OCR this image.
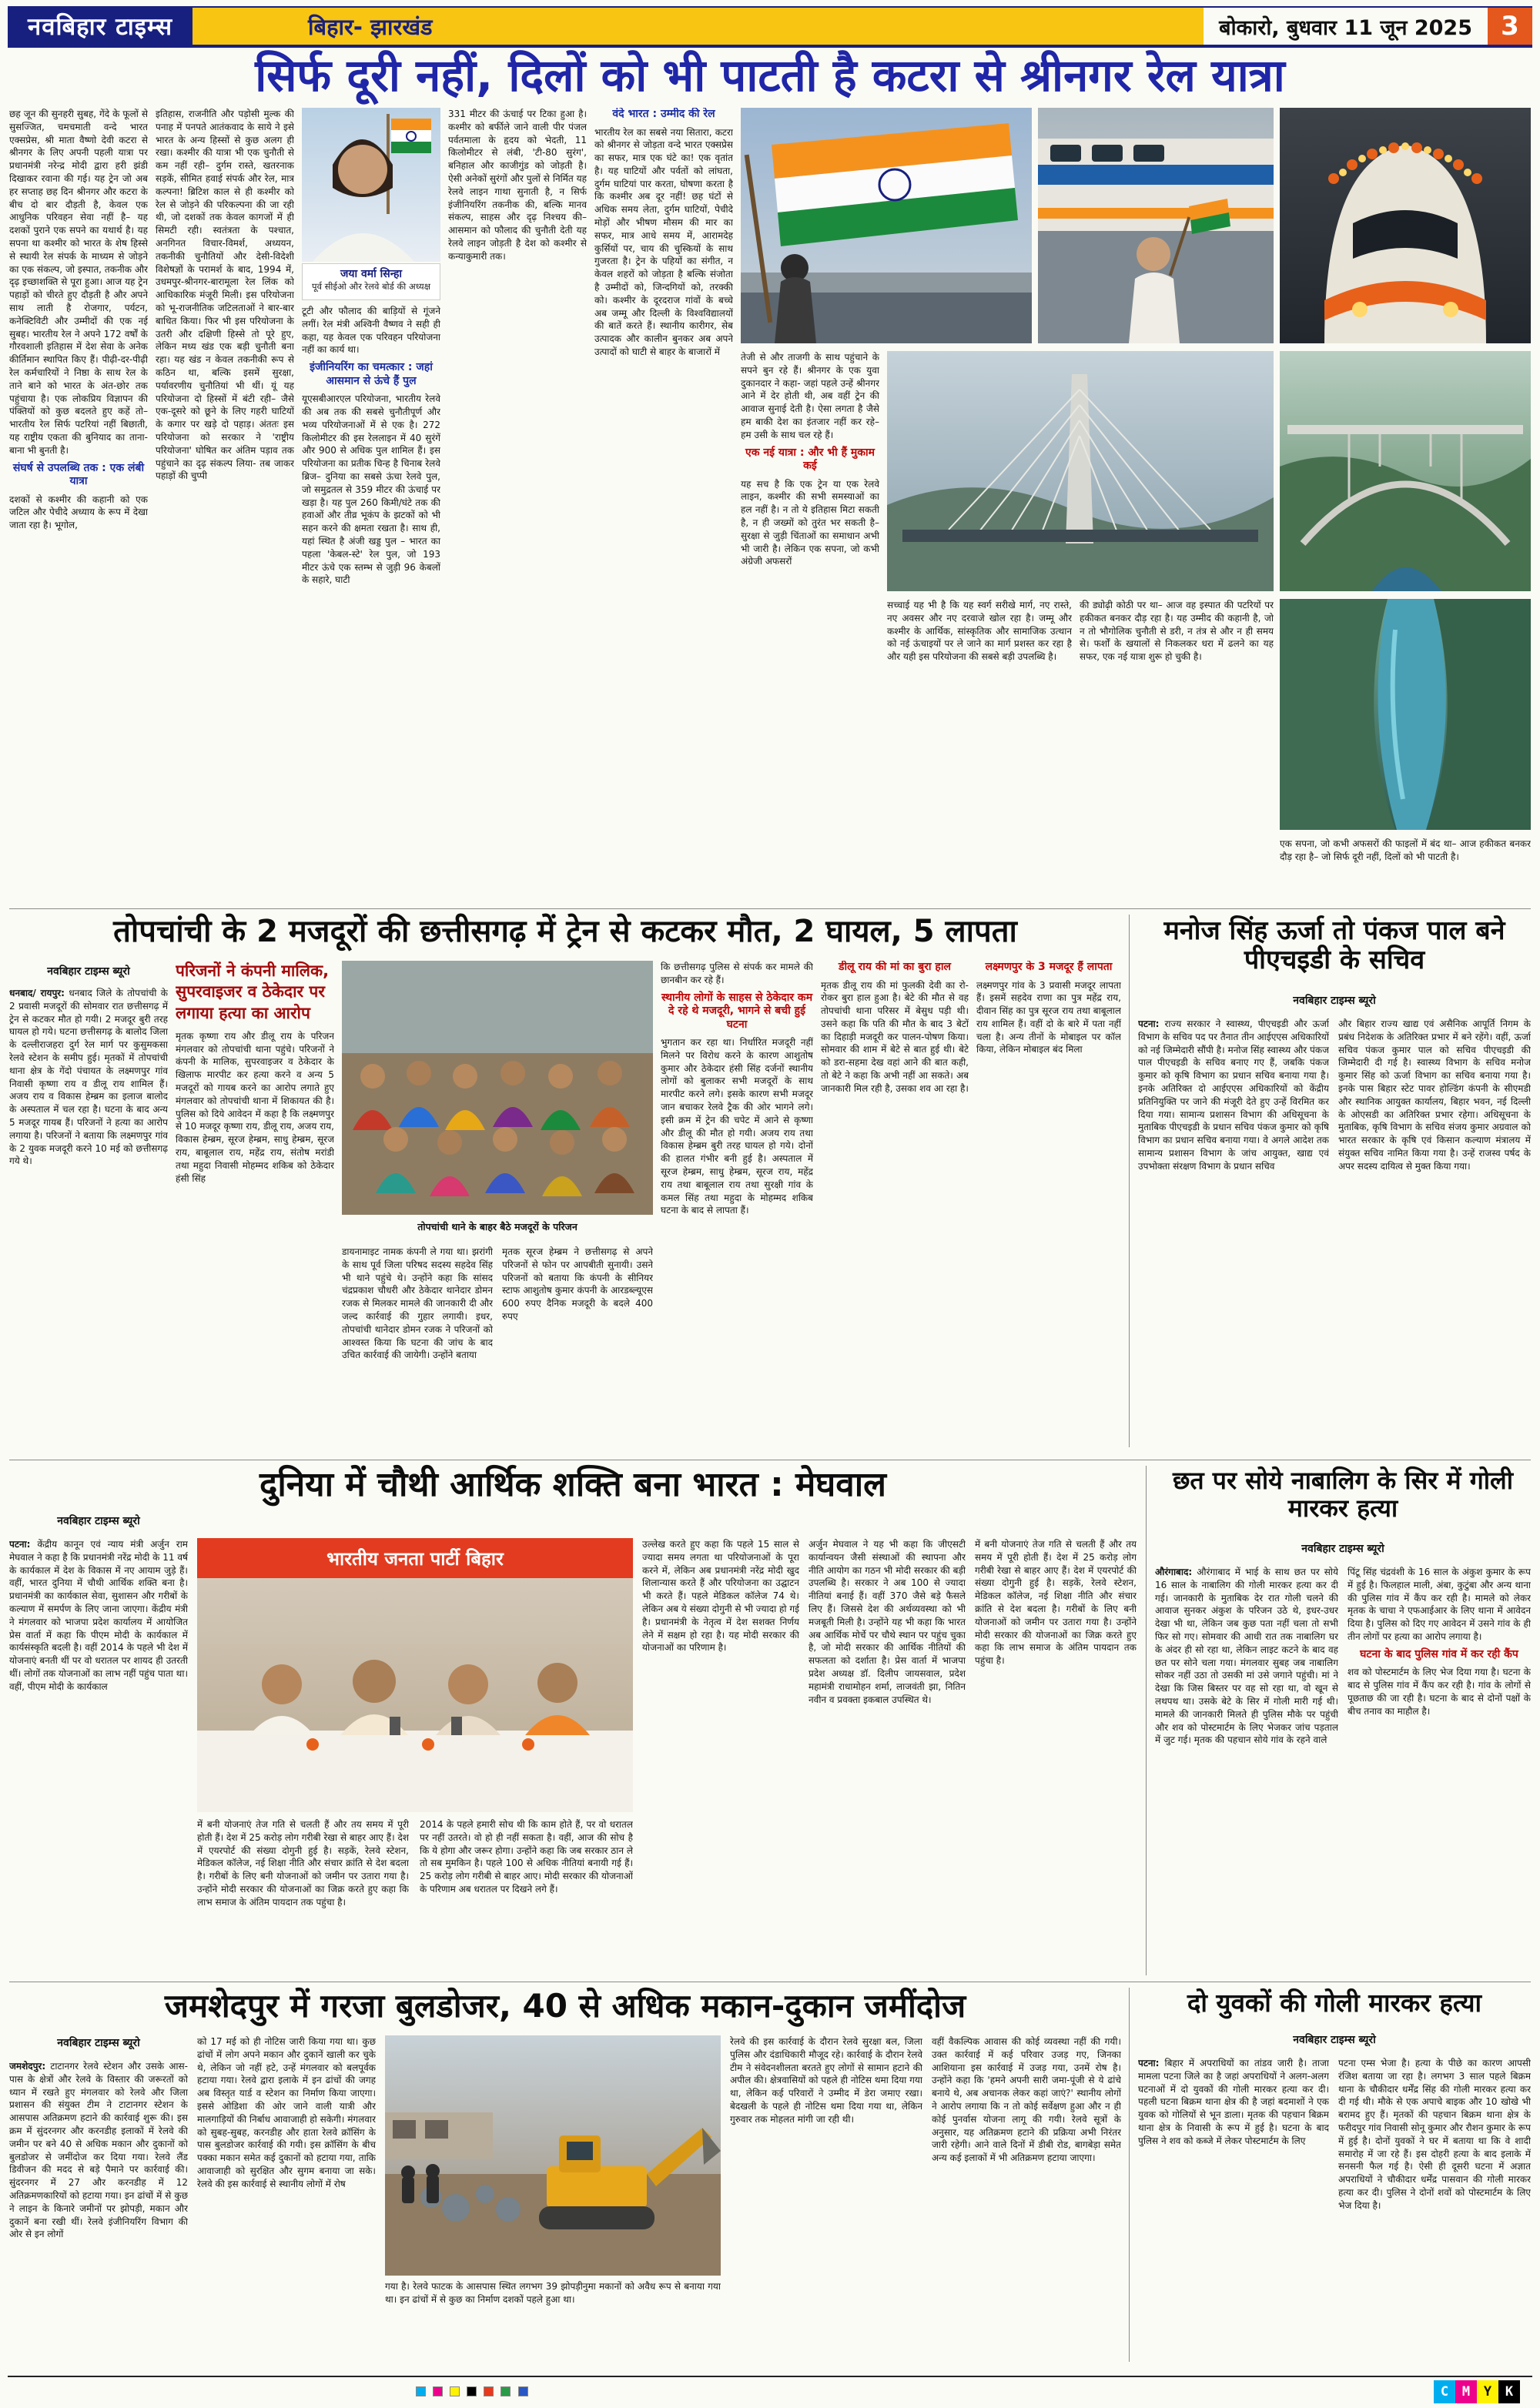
नवबिहार टाइम्स	बिहार- झारखंड	बोकारो, बुधवार 11 जून 2025	3
सिर्फ दूरी नहीं, दिलों को भी पाटती है कटरा से श्रीनगर रेल यात्रा
छह जून की सुनहरी सुबह, गेंदे के फूलों से सुसज्जित, चमचमाती वन्दे भारत एक्सप्रेस, श्री माता वैष्णो देवी कटरा से श्रीनगर के लिए अपनी पहली यात्रा पर प्रधानमंत्री नरेन्द्र मोदी द्वारा हरी झंडी दिखाकर रवाना की गई। यह ट्रेन जो अब हर सप्ताह छह दिन श्रीनगर और कटरा के बीच दो बार दौड़ती है, केवल एक आधुनिक परिवहन सेवा नहीं है– यह दशकों पुराने एक सपने का यथार्थ है। यह सपना था कश्मीर को भारत के शेष हिस्से से स्थायी रेल संपर्क के माध्यम से जोड़ने का एक संकल्प, जो इस्पात, तकनीक और दृढ़ इच्छाशक्ति से पूरा हुआ। आज यह ट्रेन पहाड़ों को चीरते हुए दौड़ती है और अपने साथ लाती है रोजगार, पर्यटन, कनेक्टिविटी और उम्मीदों की एक नई सुबह। भारतीय रेल ने अपने 172 वर्षों के गौरवशाली इतिहास में देश सेवा के अनेक कीर्तिमान स्थापित किए हैं। पीढ़ी-दर-पीढ़ी रेल कर्मचारियों ने निष्ठा के साथ रेल के ताने बाने को भारत के अंत-छोर तक पहुंचाया है। एक लोकप्रिय विज्ञापन की पंक्तियों को कुछ बदलते हुए कहें तो–भारतीय रेल सिर्फ पटरियां नहीं बिछाती, यह राष्ट्रीय एकता की बुनियाद का ताना-बाना भी बुनती है।
संघर्ष से उपलब्धि तक : एक लंबी यात्रा
दशकों से कश्मीर की कहानी को एक जटिल और पेचीदे अध्याय के रूप में देखा जाता रहा है। भूगोल,
इतिहास, राजनीति और पड़ोसी मुल्क की पनाह में पनपते आतंकवाद के साये ने इसे भारत के अन्य हिस्सों से कुछ अलग ही रखा। कश्मीर की यात्रा भी एक चुनौती से कम नहीं रही– दुर्गम रास्ते, खतरनाक सड़कें, सीमित हवाई संपर्क और रेल, मात्र कल्पना! ब्रिटिश काल से ही कश्मीर को रेल से जोड़ने की परिकल्पना की जा रही थी, जो दशकों तक केवल कागजों में ही सिमटी रही। स्वतंत्रता के पश्चात, अनगिनत विचार-विमर्श, अध्ययन, तकनीकी चुनौतियों और देसी-विदेशी विशेषज्ञों के परामर्श के बाद, 1994 में, उधमपुर-श्रीनगर-बारामूला रेल लिंक को आधिकारिक मंजूरी मिली। इस परियोजना को भू-राजनीतिक जटिलताओं ने बार-बार बाधित किया। फिर भी इस परियोजना के उतरी और दक्षिणी हिस्से तो पूरे हुए, लेकिन मध्य खंड एक बड़ी चुनौती बना रहा। यह खंड न केवल तकनीकी रूप से कठिन था, बल्कि इसमें सुरक्षा, पर्यावरणीय चुनौतियां भी थीं। यूं यह परियोजना दो हिस्सों में बंटी रही– जैसे एक-दूसरे को छूने के लिए गहरी घाटियों के कगार पर खड़े दो पहाड़। अंततः इस परियोजना को सरकार ने 'राष्ट्रीय परियोजना' घोषित कर अंतिम पड़ाव तक पहुंचाने का दृढ़ संकल्प लिया- तब जाकर पहाड़ों की चुप्पी
जया वर्मा सिन्हा
पूर्व सीईओ और रेलवे बोर्ड की अध्यक्ष
टूटी और फौलाद की बाड़ियों से गूंजने लगीं। रेल मंत्री अश्विनी वैष्णव ने सही ही कहा, यह केवल एक परिवहन परियोजना नहीं का कार्य था।
इंजीनियरिंग का चमत्कार : जहां आसमान से ऊंचे हैं पुल
यूएसबीआरएल परियोजना, भारतीय रेलवे की अब तक की सबसे चुनौतीपूर्ण और भव्य परियोजनाओं में से एक है। 272 किलोमीटर की इस रेललाइन में 40 सुरंगें और 900 से अधिक पुल शामिल हैं। इस परियोजना का प्रतीक चिन्ह है चिनाब रेलवे ब्रिज– दुनिया का सबसे ऊंचा रेलवे पुल, जो समुद्रतल से 359 मीटर की ऊंचाई पर खड़ा है। यह पुल 260 किमी/घंटे तक की हवाओं और तीव्र भूकंप के झटकों को भी सहन करने की क्षमता रखता है। साथ ही, यहां स्थित है अंजी खड्ड पुल – भारत का पहला 'केबल-स्टे' रेल पुल, जो 193 मीटर ऊंचे एक स्तम्भ से जुड़ी 96 केबलों के सहारे, घाटी
331 मीटर की ऊंचाई पर टिका हुआ है। कश्मीर को बर्फीले जाने वाली पीर पंजल पर्वतमाला के हृदय को भेदती, 11 किलोमीटर से लंबी, 'टी-80 सुरंग', बनिहाल और काजीगुंड को जोड़ती है। ऐसी अनेकों सुरंगों और पुलों से निर्मित यह रेलवे लाइन गाथा सुनाती है, न सिर्फ इंजीनियरिंग तकनीक की, बल्कि मानव संकल्प, साहस और दृढ़ निश्चय की– आसमान को फौलाद की चुनौती देती यह रेलवे लाइन जोड़ती है देश को कश्मीर से कन्याकुमारी तक।
वंदे भारत : उम्मीद की रेल
भारतीय रेल का सबसे नया सितारा, कटरा को श्रीनगर से जोड़ता वन्दे भारत एक्सप्रेस का सफर, मात्र एक घंटे का! एक वृतांत है। यह घाटियों और पर्वतों को लांघता, दुर्गम घाटियां पार करता, घोषणा करता है कि कश्मीर अब दूर नहीं! छह घंटों से अधिक समय लेता, दुर्गम घाटियों, पेचीदे मोड़ों और भीषण मौसम की मार का सफर, मात्र आधे समय में, आरामदेह कुर्सियों पर, चाय की चुस्कियों के साथ गुजरता है। ट्रेन के पहियों का संगीत, न केवल शहरों को जोड़ता है बल्कि संजोता है उम्मीदों को, जिन्दगियों को, तरक्की को। कश्मीर के दूरदराज गांवों के बच्चे अब जम्मू और दिल्ली के विश्वविद्यालयों की बातें करते हैं। स्थानीय कारीगर, सेब उत्पादक और कालीन बुनकर अब अपने उत्पादों को घाटी से बाहर के बाजारों में	तेजी से और ताजगी के साथ पहुंचाने के सपने बुन रहे हैं। श्रीनगर के एक युवा दुकानदार ने कहा- जहां पहले उन्हें श्रीनगर आने में देर होती थी, अब वहीं ट्रेन की आवाज सुनाई देती है। ऐसा लगता है जैसे हम बाकी देश का इंतजार नहीं कर रहे– हम उसी के साथ चल रहे हैं।
एक नई यात्रा : और भी हैं मुकाम कई
यह सच है कि एक ट्रेन या एक रेलवे लाइन, कश्मीर की सभी समस्याओं का हल नहीं है। न तो ये इतिहास मिटा सकती है, न ही जख्मों को तुरंत भर सकती है– सुरक्षा से जुड़ी चिंताओं का समाधान अभी भी जारी है। लेकिन एक सपना, जो कभी अंग्रेजी अफसरों
सच्चाई यह भी है कि यह स्वर्ग सरीखे मार्ग, नए रास्ते, नए अवसर और नए दरवाजे खोल रहा है। जम्मू और कश्मीर के आर्थिक, सांस्कृतिक और सामाजिक उत्थान को नई ऊंचाइयों पर ले जाने का मार्ग प्रशस्त कर रहा है और यही इस परियोजना की सबसे बड़ी उपलब्धि है।
की ड्योढ़ी कोठी पर था– आज वह इस्पात की पटरियों पर हकीकत बनकर दौड़ रहा है। यह उम्मीद की कहानी है, जो न तो भौगोलिक चुनौती से डरी, न तंत्र से और न ही समय से। फर्शों के खयालों से निकलकर धरा में ढलने का यह सफर, एक नई यात्रा शुरू हो चुकी है।
एक सपना, जो कभी अफसरों की फाइलों में बंद था– आज हकीकत बनकर दौड़ रहा है– जो सिर्फ दूरी नहीं, दिलों को भी पाटती है।
तोपचांची के 2 मजदूरों की छत्तीसगढ़ में ट्रेन से कटकर मौत, 2 घायल, 5 लापता
नवबिहार टाइम्स ब्यूरो
धनबाद/ रायपुर: धनबाद जिले के तोपचांची के 2 प्रवासी मजदूरों की सोमवार रात छत्तीसगढ़ में ट्रेन से कटकर मौत हो गयी। 2 मजदूर बुरी तरह घायल हो गये। घटना छत्तीसगढ़ के बालोद जिला के दल्लीराजहरा दुर्ग रेल मार्ग पर कुसुमकसा रेलवे स्टेशन के समीप हुई। मृतकों में तोपचांची थाना क्षेत्र के गेंदो पंचायत के लक्ष्मणपुर गांव निवासी कृष्णा राय व डीलू राय शामिल हैं। अजय राय व विकास हेम्ब्रम का इलाज बालोद के अस्पताल में चल रहा है। घटना के बाद अन्य 5 मजदूर गायब हैं। परिजनों ने हत्या का आरोप लगाया है। परिजनों ने बताया कि लक्ष्मणपुर गांव के 2 युवक मजदूरी करने 10 मई को छत्तीसगढ़ गये थे।
परिजनों ने कंपनी मालिक, सुपरवाइजर व ठेकेदार पर लगाया हत्या का आरोप
मृतक कृष्णा राय और डीलू राय के परिजन मंगलवार को तोपचांची थाना पहुंचे। परिजनों ने कंपनी के मालिक, सुपरवाइजर व ठेकेदार के खिलाफ मारपीट कर हत्या करने व अन्य 5 मजदूरों को गायब करने का आरोप लगाते हुए मंगलवार को तोपचांची थाना में शिकायत की है। पुलिस को दिये आवेदन में कहा है कि लक्ष्मणपुर से 10 मजदूर कृष्णा राय, डीलू राय, अजय राय, विकास हेम्ब्रम, सूरज हेम्ब्रम, साधु हेम्ब्रम, सूरज राय, बाबूलाल राय, महेंद्र राय, संतोष मरांडी तथा महुदा निवासी मोहम्मद शकिब को ठेकेदार हंसी सिंह
तोपचांची थाने के बाहर बैठे मजदूरों के परिजन
डायनामाइट नामक कंपनी ले गया था। झरांगी के साथ पूर्व जिला परिषद सदस्य सहदेव सिंह भी थाने पहुंचे थे। उन्होंने कहा कि सांसद चंद्रप्रकाश चौधरी और ठेकेदार थानेदार डोमन रजक से मिलकर मामले की जानकारी दी और जल्द कार्रवाई की गुहार लगायी। इधर, तोपचांची थानेदार डोमन रजक ने परिजनों को आश्वस्त किया कि घटना की जांच के बाद उचित कार्रवाई की जायेगी। उन्होंने बताया
मृतक सूरज हेम्ब्रम ने छत्तीसगढ़ से अपने परिजनों से फोन पर आपबीती सुनायी। उसने परिजनों को बताया कि कंपनी के सीनियर स्टाफ आशुतोष कुमार कंपनी के आरडब्ल्यूएस 600 रुपए दैनिक मजदूरी के बदले 400 रुपए
कि छत्तीसगढ़ पुलिस से संपर्क कर मामले की छानबीन कर रहे हैं।
स्थानीय लोगों के साहस से ठेकेदार कम दे रहे थे मजदूरी, भागने से बची हुई घटना
भुगतान कर रहा था। निर्धारित मजदूरी नहीं मिलने पर विरोध करने के कारण आशुतोष कुमार और ठेकेदार हंसी सिंह दर्जनों स्थानीय लोगों को बुलाकर सभी मजदूरों के साथ मारपीट करने लगे। इसके कारण सभी मजदूर जान बचाकर रेलवे ट्रैक की ओर भागने लगे। इसी क्रम में ट्रेन की चपेट में आने से कृष्णा और डीलू की मौत हो गयी। अजय राय तथा विकास हेम्ब्रम बुरी तरह घायल हो गये। दोनों की हालत गंभीर बनी हुई है। अस्पताल में सूरज हेम्ब्रम, साधु हेम्ब्रम, सूरज राय, महेंद्र राय तथा बाबूलाल राय तथा सुरक्षी गांव के कमल सिंह तथा महुदा के मोहम्मद शकिब घटना के बाद से लापता हैं।
डीलू राय की मां का बुरा हाल
मृतक डीलू राय की मां फुलकी देवी का रो-रोकर बुरा हाल हुआ है। बेटे की मौत से वह तोपचांची थाना परिसर में बेसुध पड़ी थी। उसने कहा कि पति की मौत के बाद 3 बेटों का दिहाड़ी मजदूरी कर पालन-पोषण किया। सोमवार की शाम में बेटे से बात हुई थी। बेटे को डरा-सहमा देख वहां आने की बात कही, तो बेटे ने कहा कि अभी नहीं आ सकते। अब जानकारी मिल रही है, उसका शव आ रहा है।
लक्ष्मणपुर के 3 मजदूर हैं लापता
लक्ष्मणपुर गांव के 3 प्रवासी मजदूर लापता हैं। इसमें सहदेव राणा का पुत्र महेंद्र राय, दीवान सिंह का पुत्र सूरज राय तथा बाबूलाल राय शामिल हैं। वहीं दो के बारे में पता नहीं चला है। अन्य तीनों के मोबाइल पर कॉल किया, लेकिन मोबाइल बंद मिला
मनोज सिंह ऊर्जा तो पंकज पाल बने पीएचइडी के सचिव
नवबिहार टाइम्स ब्यूरो
पटना: राज्य सरकार ने स्वास्थ्य, पीएचइडी और ऊर्जा विभाग के सचिव पद पर तैनात तीन आईएएस अधिकारियों को नई जिम्मेदारी सौंपी है। मनोज सिंह स्वास्थ्य और पंकज पाल पीएचइडी के सचिव बनाए गए हैं, जबकि पंकज कुमार को कृषि विभाग का प्रधान सचिव बनाया गया है। इनके अतिरिक्त दो आईएएस अधिकारियों को केंद्रीय प्रतिनियुक्ति पर जाने की मंजूरी देते हुए उन्हें विरमित कर दिया गया। सामान्य प्रशासन विभाग की अधिसूचना के मुताबिक पीएचइडी के प्रधान सचिव पंकज कुमार को कृषि विभाग का प्रधान सचिव बनाया गया। वे अगले आदेश तक सामान्य प्रशासन विभाग के जांच आयुक्त, खाद्य एवं उपभोक्ता संरक्षण विभाग के प्रधान सचिव
और बिहार राज्य खाद्य एवं असैनिक आपूर्ति निगम के प्रबंध निदेशक के अतिरिक्त प्रभार में बने रहेंगे। वहीं, ऊर्जा सचिव पंकज कुमार पाल को सचिव पीएचइडी की जिम्मेदारी दी गई है। स्वास्थ्य विभाग के सचिव मनोज कुमार सिंह को ऊर्जा विभाग का सचिव बनाया गया है। इनके पास बिहार स्टेट पावर होल्डिंग कंपनी के सीएमडी और स्थानिक आयुक्त कार्यालय, बिहार भवन, नई दिल्ली के ओएसडी का अतिरिक्त प्रभार रहेगा। अधिसूचना के मुताबिक, कृषि विभाग के सचिव संजय कुमार अग्रवाल को भारत सरकार के कृषि एवं किसान कल्याण मंत्रालय में संयुक्त सचिव नामित किया गया है। उन्हें राजस्व पर्षद के अपर सदस्य दायित्व से मुक्त किया गया।
दुनिया में चौथी आर्थिक शक्ति बना भारत : मेघवाल
नवबिहार टाइम्स ब्यूरो
पटना: केंद्रीय कानून एवं न्याय मंत्री अर्जुन राम मेघवाल ने कहा है कि प्रधानमंत्री नरेंद्र मोदी के 11 वर्ष के कार्यकाल में देश के विकास में नए आयाम जुड़े हैं। वहीं, भारत दुनिया में चौथी आर्थिक शक्ति बना है। प्रधानमंत्री का कार्यकाल सेवा, सुशासन और गरीबों के कल्याण में समर्पण के लिए जाना जाएगा। केंद्रीय मंत्री ने मंगलवार को भाजपा प्रदेश कार्यालय में आयोजित प्रेस वार्ता में कहा कि पीएम मोदी के कार्यकाल में कार्यसंस्कृति बदली है। वहीं 2014 के पहले भी देश में योजनाएं बनती थीं पर वो धरातल पर शायद ही उतरती थीं। लोगों तक योजनाओं का लाभ नहीं पहुंच पाता था। वहीं, पीएम मोदी के कार्यकाल
भारतीय जनता पार्टी बिहार
में बनी योजनाएं तेज गति से चलती हैं और तय समय में पूरी होती हैं। देश में 25 करोड़ लोग गरीबी रेखा से बाहर आए हैं। देश में एयरपोर्ट की संख्या दोगुनी हुई है। सड़कें, रेलवे स्टेशन, मेडिकल कॉलेज, नई शिक्षा नीति और संचार क्रांति से देश बदला है। गरीबों के लिए बनी योजनाओं को जमीन पर उतारा गया है। उन्होंने मोदी सरकार की योजनाओं का जिक्र करते हुए कहा कि लाभ समाज के अंतिम पायदान तक पहुंचा है।
2014 के पहले हमारी सोच थी कि काम होते हैं, पर वो धरातल पर नहीं उतरते। वो हो ही नहीं सकता है। वहीं, आज की सोच है कि ये होगा और जरूर होगा। उन्होंने कहा कि जब सरकार ठान ले तो सब मुमकिन है। पहले 100 से अधिक नीतियां बनायी गई हैं। 25 करोड़ लोग गरीबी से बाहर आए। मोदी सरकार की योजनाओं के परिणाम अब धरातल पर दिखने लगे हैं।
उल्लेख करते हुए कहा कि पहले 15 साल से ज्यादा समय लगता था परियोजनाओं के पूरा करने में, लेकिन अब प्रधानमंत्री नरेंद्र मोदी खुद शिलान्यास करते हैं और परियोजना का उद्घाटन भी करते हैं। पहले मेडिकल कॉलेज 74 थे। लेकिन अब ये संख्या दोगुनी से भी ज्यादा हो गई है। प्रधानमंत्री के नेतृत्व में देश सशक्त निर्णय लेने में सक्षम हो रहा है। यह मोदी सरकार की योजनाओं का परिणाम है।
अर्जुन मेघवाल ने यह भी कहा कि जीएसटी कार्यान्वयन जैसी संस्थाओं की स्थापना और नीति आयोग का गठन भी मोदी सरकार की बड़ी उपलब्धि है। सरकार ने अब 100 से ज्यादा नीतियां बनाई हैं। वहीं 370 जैसे बड़े फैसले लिए हैं। जिससे देश की अर्थव्यवस्था को भी मजबूती मिली है। उन्होंने यह भी कहा कि भारत अब आर्थिक मोर्चे पर चौथे स्थान पर पहुंच चुका है, जो मोदी सरकार की आर्थिक नीतियों की सफलता को दर्शाता है। प्रेस वार्ता में भाजपा प्रदेश अध्यक्ष डॉ. दिलीप जायसवाल, प्रदेश महामंत्री राधामोहन शर्मा, लाजवंती झा, नितिन नवीन व प्रवक्ता इकबाल उपस्थित थे।
में बनी योजनाएं तेज गति से चलती हैं और तय समय में पूरी होती हैं। देश में 25 करोड़ लोग गरीबी रेखा से बाहर आए हैं। देश में एयरपोर्ट की संख्या दोगुनी हुई है। सड़कें, रेलवे स्टेशन, मेडिकल कॉलेज, नई शिक्षा नीति और संचार क्रांति से देश बदला है। गरीबों के लिए बनी योजनाओं को जमीन पर उतारा गया है। उन्होंने मोदी सरकार की योजनाओं का जिक्र करते हुए कहा कि लाभ समाज के अंतिम पायदान तक पहुंचा है।
छत पर सोये नाबालिग के सिर में गोली मारकर हत्या
नवबिहार टाइम्स ब्यूरो
औरंगाबाद: औरंगाबाद में भाई के साथ छत पर सोये 16 साल के नाबालिग की गोली मारकर हत्या कर दी गई। जानकारी के मुताबिक देर रात गोली चलने की आवाज सुनकर अंकुश के परिजन उठे थे, इधर-उधर देखा भी था, लेकिन जब कुछ पता नहीं चला तो सभी फिर सो गए। सोमवार की आधी रात तक नाबालिग घर के अंदर ही सो रहा था, लेकिन लाइट कटने के बाद वह छत पर सोने चला गया। मंगलवार सुबह जब नाबालिग सोकर नहीं उठा तो उसकी मां उसे जगाने पहुंची। मां ने देखा कि जिस बिस्तर पर वह सो रहा था, वो खून से लथपथ था। उसके बेटे के सिर में गोली मारी गई थी। मामले की जानकारी मिलते ही पुलिस मौके पर पहुंची और शव को पोस्टमार्टम के लिए भेजकर जांच पड़ताल में जुट गई। मृतक की पहचान सोये गांव के रहने वाले
पिंटू सिंह चंद्रवंशी के 16 साल के अंकुश कुमार के रूप में हुई है। फिलहाल माली, अंबा, कुटुंबा और अन्य थाना की पुलिस गांव में कैंप कर रही है। मामले को लेकर मृतक के चाचा ने एफआईआर के लिए थाना में आवेदन दिया है। पुलिस को दिए गए आवेदन में उसने गांव के ही तीन लोगों पर हत्या का आरोप लगाया है।
घटना के बाद पुलिस गांव में कर रही कैंप
शव को पोस्टमार्टम के लिए भेज दिया गया है। घटना के बाद से पुलिस गांव में कैंप कर रही है। गांव के लोगों से पूछताछ की जा रही है। घटना के बाद से दोनों पक्षों के बीच तनाव का माहौल है।
जमशेदपुर में गरजा बुलडोजर, 40 से अधिक मकान-दुकान जमींदोज
नवबिहार टाइम्स ब्यूरो
जमशेदपुर: टाटानगर रेलवे स्टेशन और उसके आस-पास के क्षेत्रों और रेलवे के विस्तार की जरूरतों को ध्यान में रखते हुए मंगलवार को रेलवे और जिला प्रशासन की संयुक्त टीम ने टाटानगर स्टेशन के आसपास अतिक्रमण हटाने की कार्रवाई शुरू की। इस क्रम में सुंदरनगर और करनडीह इलाकों में रेलवे की जमीन पर बने 40 से अधिक मकान और दुकानों को बुलडोजर से जमींदोज कर दिया गया। रेलवे लैंड डिवीजन की मदद से बड़े पैमाने पर कार्रवाई की। सुंदरनगर में 27 और करनडीह में 12 अतिक्रमणकारियों को हटाया गया। इन ढांचों में से कुछ ने लाइन के किनारे जमीनों पर झोपड़ी, मकान और दुकानें बना रखी थीं। रेलवे इंजीनियरिंग विभाग की ओर से इन लोगों
को 17 मई को ही नोटिस जारी किया गया था। कुछ ढांचों में लोग अपने मकान और दुकानें खाली कर चुके थे, लेकिन जो नहीं हटे, उन्हें मंगलवार को बलपूर्वक हटाया गया। रेलवे द्वारा इलाके में इन ढांचों की जगह अब विस्तृत यार्ड व स्टेशन का निर्माण किया जाएगा। इससे ओडिशा की ओर जाने वाली यात्री और मालगाड़ियों की निर्बाध आवाजाही हो सकेगी। मंगलवार को सुबह-सुबह, करनडीह और हाता रेलवे क्रॉसिंग के पास बुलडोजर कार्रवाई की गयी। इस क्रॉसिंग के बीच पक्का मकान समेत कई दुकानों को हटाया गया, ताकि आवाजाही को सुरक्षित और सुगम बनाया जा सके। रेलवे की इस कार्रवाई से स्थानीय लोगों में रोष
गया है। रेलवे फाटक के आसपास स्थित लगभग 39 झोपड़ीनुमा मकानों को अवैध रूप से बनाया गया था। इन ढांचों में से कुछ का निर्माण दशकों पहले हुआ था।
रेलवे की इस कार्रवाई के दौरान रेलवे सुरक्षा बल, जिला पुलिस और दंडाधिकारी मौजूद रहे। कार्रवाई के दौरान रेलवे टीम ने संवेदनशीलता बरतते हुए लोगों से सामान हटाने की अपील की। क्षेत्रवासियों को पहले ही नोटिस थमा दिया गया था, लेकिन कई परिवारों ने उम्मीद में डेरा जमाए रखा। बेदखली के पहले ही नोटिस थमा दिया गया था, लेकिन गुरुवार तक मोहलत मांगी जा रही थी।
वहीं वैकल्पिक आवास की कोई व्यवस्था नहीं की गयी। उक्त कार्रवाई में कई परिवार उजड़ गए, जिनका आशियाना इस कार्रवाई में उजड़ गया, उनमें रोष है। उन्होंने कहा कि 'हमने अपनी सारी जमा-पूंजी से ये ढांचे बनाये थे, अब अचानक लेकर कहां जाएं?' स्थानीय लोगों ने आरोप लगाया कि न तो कोई सर्वेक्षण हुआ और न ही कोई पुनर्वास योजना लागू की गयी। रेलवे सूत्रों के अनुसार, यह अतिक्रमण हटाने की प्रक्रिया अभी निरंतर जारी रहेगी। आने वाले दिनों में डीबी रोड, बागबेड़ा समेत अन्य कई इलाकों में भी अतिक्रमण हटाया जाएगा।
दो युवकों की गोली मारकर हत्या
नवबिहार टाइम्स ब्यूरो
पटना: बिहार में अपराधियों का तांडव जारी है। ताजा मामला पटना जिले का है जहां अपराधियों ने अलग-अलग घटनाओं में दो युवकों की गोली मारकर हत्या कर दी। पहली घटना बिक्रम थाना क्षेत्र की है जहां बदमाशों ने एक युवक को गोलियों से भून डाला। मृतक की पहचान बिक्रम थाना क्षेत्र के निवासी के रूप में हुई है। घटना के बाद पुलिस ने शव को कब्जे में लेकर पोस्टमार्टम के लिए
पटना एम्स भेजा है। हत्या के पीछे का कारण आपसी रंजिश बताया जा रहा है। लगभग 3 साल पहले बिक्रम थाना के चौकीदार धर्मेंद्र सिंह की गोली मारकर हत्या कर दी गई थी। मौके से एक अपाचे बाइक और 10 खोखे भी बरामद हुए हैं। मृतकों की पहचान बिक्रम थाना क्षेत्र के फरीदपुर गांव निवासी सोनू कुमार और रौशन कुमार के रूप में हुई है। दोनों युवकों ने घर में बताया था कि वे शादी समारोह में जा रहे हैं। इस दोहरी हत्या के बाद इलाके में सनसनी फैल गई है। ऐसी ही दूसरी घटना में अज्ञात अपराधियों ने चौकीदार धर्मेंद्र पासवान की गोली मारकर हत्या कर दी। पुलिस ने दोनों शवों को पोस्टमार्टम के लिए भेज दिया है।

C	M	Y	K
